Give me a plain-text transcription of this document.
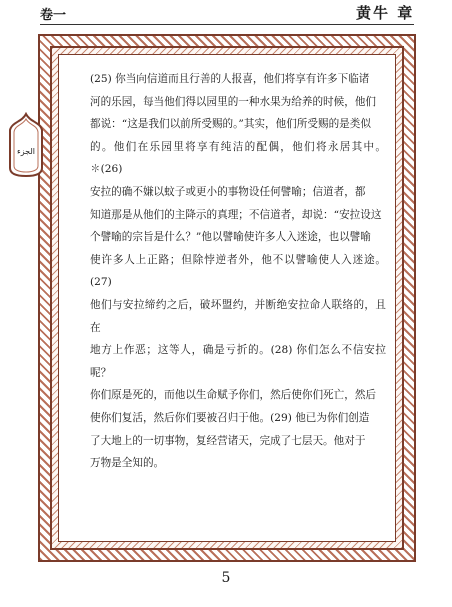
卷一	黄牛 章
الجزء

(25) 你当向信道而且行善的人报喜，他们将享有许多下临诸

河的乐园，每当他们得以园里的一种水果为给养的时候，他们

都说：“这是我们以前所受赐的。”其实，他们所受赐的是类似

的。他们在乐园里将享有纯洁的配偶，他们将永居其中。✽(26)

安拉的确不嫌以蚊子或更小的事物设任何譬喻；信道者，都

知道那是从他们的主降示的真理；不信道者，却说：“安拉设这

个譬喻的宗旨是什么？”他以譬喻使许多人入迷途，也以譬喻

使许多人上正路；但除悖逆者外，他不以譬喻使人入迷途。(27)

他们与安拉缔约之后，破坏盟约，并断绝安拉命人联络的，且在

地方上作恶；这等人，确是亏折的。(28) 你们怎么不信安拉呢？

你们原是死的，而他以生命赋予你们，然后使你们死亡，然后

使你们复活，然后你们要被召归于他。(29) 他已为你们创造

了大地上的一切事物，复经营诸天，完成了七层天。他对于

万物是全知的。

5
